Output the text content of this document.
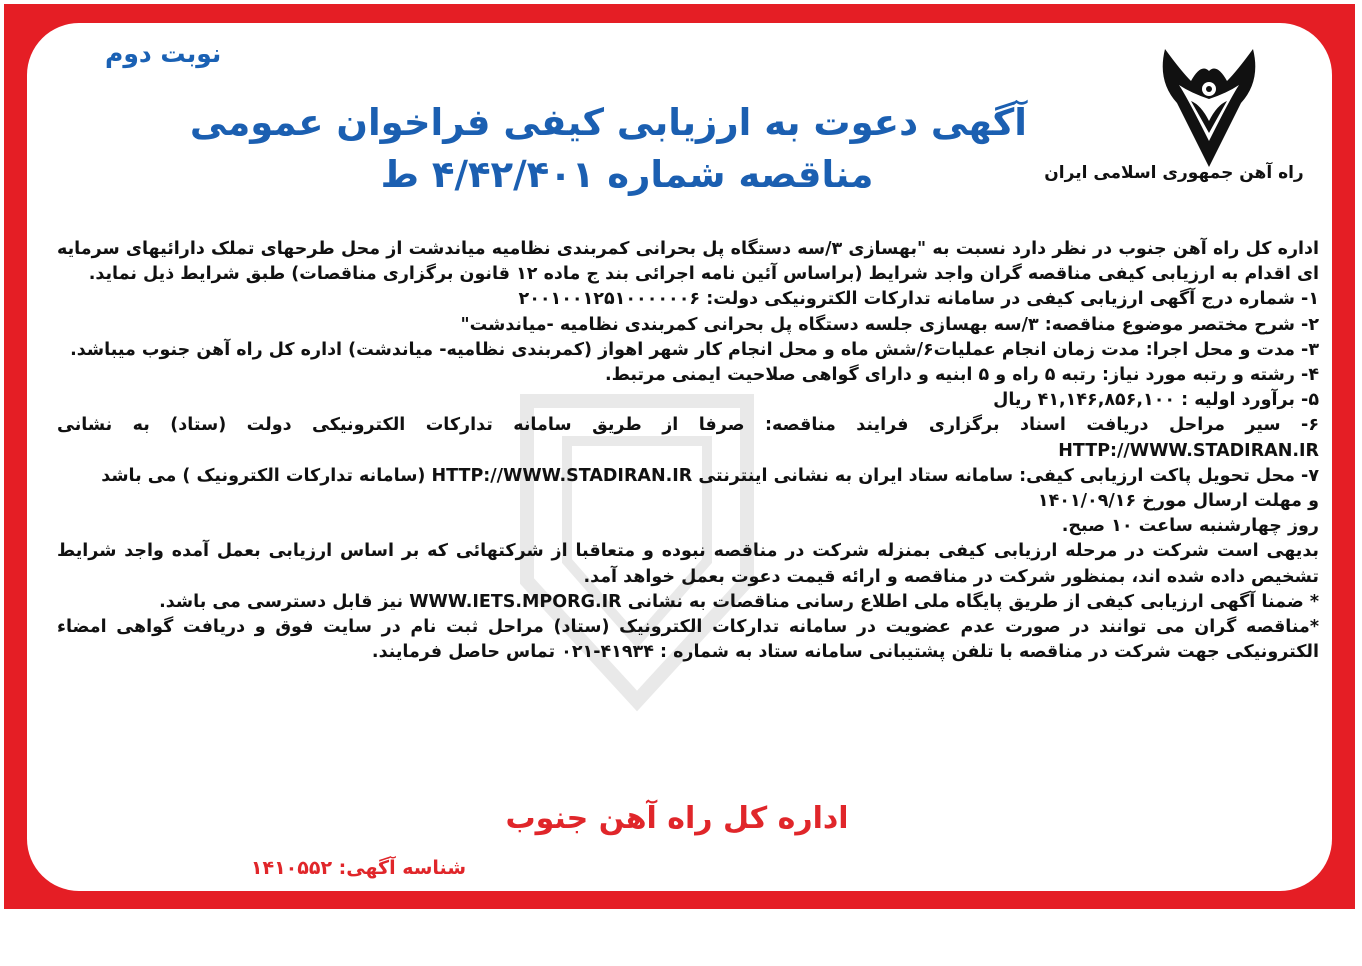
راه آهن جمهوری اسلامی ایران
نوبت دوم
آگهی دعوت به ارزیابی کیفی فراخوان عمومی
مناقصه شماره ۴/۴۲/۴۰۱ ط

اداره کل راه آهن جنوب در نظر دارد نسبت به "بهسازی ۳/سه دستگاه پل بحرانی کمربندی نظامیه میاندشت از محل طرحهای تملک دارائیهای سرمایه ای اقدام به ارزیابی کیفی مناقصه گران واجد شرایط (براساس آئین نامه اجرائی بند ج ماده ۱۲ قانون برگزاری مناقصات) طبق شرایط ذیل نماید.

۱- شماره درج آگهی ارزیابی کیفی در سامانه تدارکات الکترونیکی دولت: ۲۰۰۱۰۰۱۲۵۱۰۰۰۰۰۰۶

۲- شرح مختصر موضوع مناقصه: ۳/سه بهسازی جلسه دستگاه پل بحرانی کمربندی نظامیه -میاندشت"

۳- مدت و محل اجرا: مدت زمان انجام عملیات۶/شش ماه و محل انجام کار شهر اهواز (کمربندی نظامیه- میاندشت) اداره کل راه آهن جنوب میباشد.

۴- رشته و رتبه مورد نیاز: رتبه ۵ راه و ۵ ابنیه و دارای گواهی صلاحیت ایمنی مرتبط.

۵- برآورد اولیه : ۴۱,۱۴۶,۸۵۶,۱۰۰ ریال

۶- سیر مراحل دریافت اسناد برگزاری فرایند مناقصه: صرفا از طریق سامانه تدارکات الکترونیکی دولت (ستاد) به نشانی HTTP://WWW.STADIRAN.IR

۷- محل تحویل پاکت ارزیابی کیفی: سامانه ستاد ایران به نشانی اینترنتی HTTP://WWW.STADIRAN.IR (سامانه تدارکات الکترونیک ) می باشد

و مهلت ارسال مورخ ۱۴۰۱/۰۹/۱۶

روز چهارشنبه ساعت ۱۰ صبح.

بدیهی است شرکت در مرحله ارزیابی کیفی بمنزله شرکت در مناقصه نبوده و متعاقبا از شرکتهائی که بر اساس ارزیابی بعمل آمده واجد شرایط تشخیص داده شده اند، بمنظور شرکت در مناقصه و ارائه قیمت دعوت بعمل خواهد آمد.

* ضمنا آگهی ارزیابی کیفی از طریق پایگاه ملی اطلاع رسانی مناقصات به نشانی WWW.IETS.MPORG.IR نیز قابل دسترسی می باشد.

*مناقصه گران می توانند در صورت عدم عضویت در سامانه تدارکات الکترونیک (ستاد) مراحل ثبت نام در سایت فوق و دریافت گواهی امضاء الکترونیکی جهت شرکت در مناقصه با تلفن پشتیبانی سامانه ستاد به شماره : ۴۱۹۳۴-۰۲۱ تماس حاصل فرمایند.

اداره کل راه آهن جنوب
شناسه آگهی: ۱۴۱۰۵۵۲
